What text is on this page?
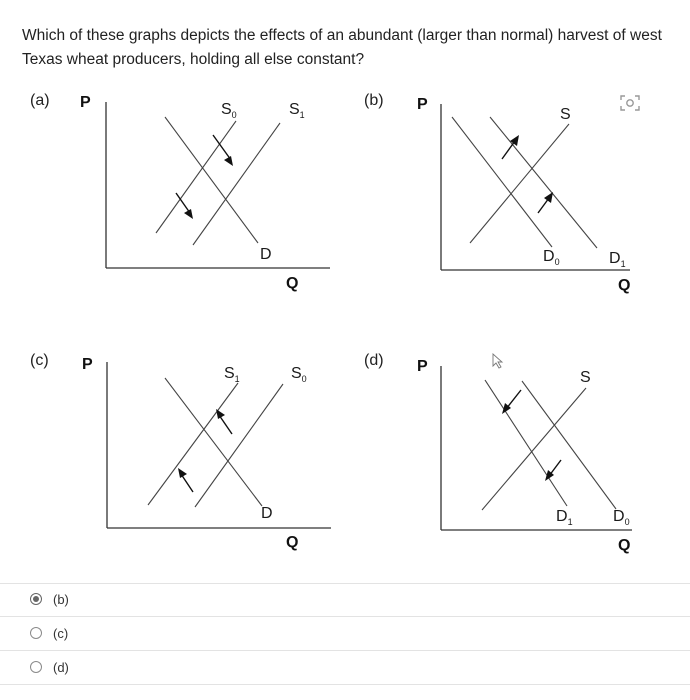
Which of these graphs depicts the effects of an abundant (larger than normal) harvest of west Texas wheat producers, holding all else constant?
(a) P	$S_0$	$S_1$
D
Q
(b) P
S
$D_0$	$D_1$
Q
(c) P
$S_1$	$S_0$
D
Q
(d) P
S
$D_1$	$D_0$
Q
(b)
(c)
(d)
